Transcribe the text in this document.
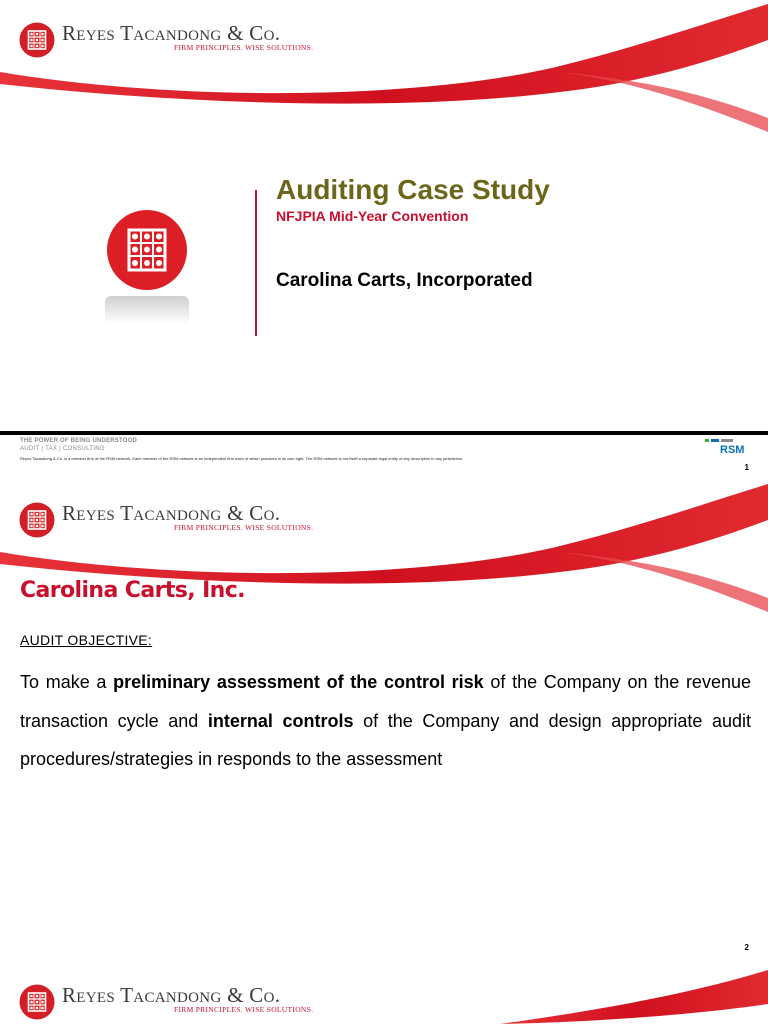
Reyes Tacandong & Co.
FIRM PRINCIPLES. WISE SOLUTIONS.
Auditing Case Study
NFJPIA Mid-Year Convention
Carolina Carts, Incorporated
THE POWER OF BEING UNDERSTOOD
AUDIT | TAX | CONSULTING
Reyes Tacandong & Co. is a member firm of the RSM network. Each member of the RSM network is an independent firm each of which practices in its own right. The RSM network is not itself a separate legal entity of any description in any jurisdiction.
RSM
1
Reyes Tacandong & Co.
FIRM PRINCIPLES. WISE SOLUTIONS.
Carolina Carts, Inc.
AUDIT OBJECTIVE:
To make a preliminary assessment of the control risk of the Company on the revenue transaction cycle and internal controls of the Company and design appropriate audit procedures/strategies in responds to the assessment
2
Reyes Tacandong & Co.
FIRM PRINCIPLES. WISE SOLUTIONS.
